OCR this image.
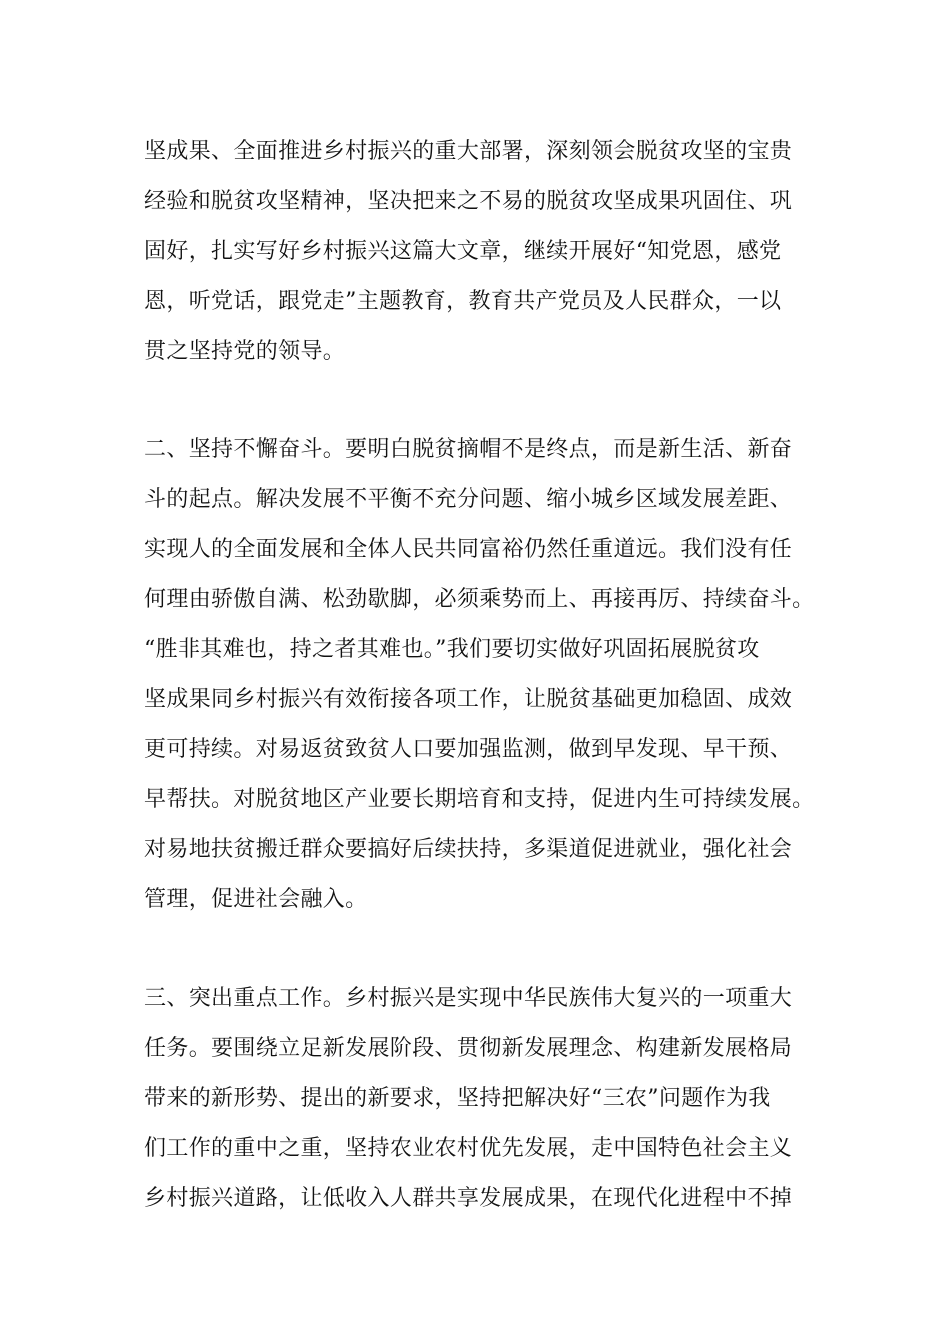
坚成果、全面推进乡村振兴的重大部署，深刻领会脱贫攻坚的宝贵
经验和脱贫攻坚精神，坚决把来之不易的脱贫攻坚成果巩固住、巩
固好，扎实写好乡村振兴这篇大文章，继续开展好“知党恩，感党
恩，听党话，跟党走”主题教育，教育共产党员及人民群众，一以
贯之坚持党的领导。
二、坚持不懈奋斗。要明白脱贫摘帽不是终点，而是新生活、新奋
斗的起点。解决发展不平衡不充分问题、缩小城乡区域发展差距、
实现人的全面发展和全体人民共同富裕仍然任重道远。我们没有任
何理由骄傲自满、松劲歇脚，必须乘势而上、再接再厉、持续奋斗。
“胜非其难也，持之者其难也。”我们要切实做好巩固拓展脱贫攻
坚成果同乡村振兴有效衔接各项工作，让脱贫基础更加稳固、成效
更可持续。对易返贫致贫人口要加强监测，做到早发现、早干预、
早帮扶。对脱贫地区产业要长期培育和支持，促进内生可持续发展。
对易地扶贫搬迁群众要搞好后续扶持，多渠道促进就业，强化社会
管理，促进社会融入。
三、突出重点工作。乡村振兴是实现中华民族伟大复兴的一项重大
任务。要围绕立足新发展阶段、贯彻新发展理念、构建新发展格局
带来的新形势、提出的新要求，坚持把解决好“三农”问题作为我
们工作的重中之重，坚持农业农村优先发展，走中国特色社会主义
乡村振兴道路，让低收入人群共享发展成果，在现代化进程中不掉
